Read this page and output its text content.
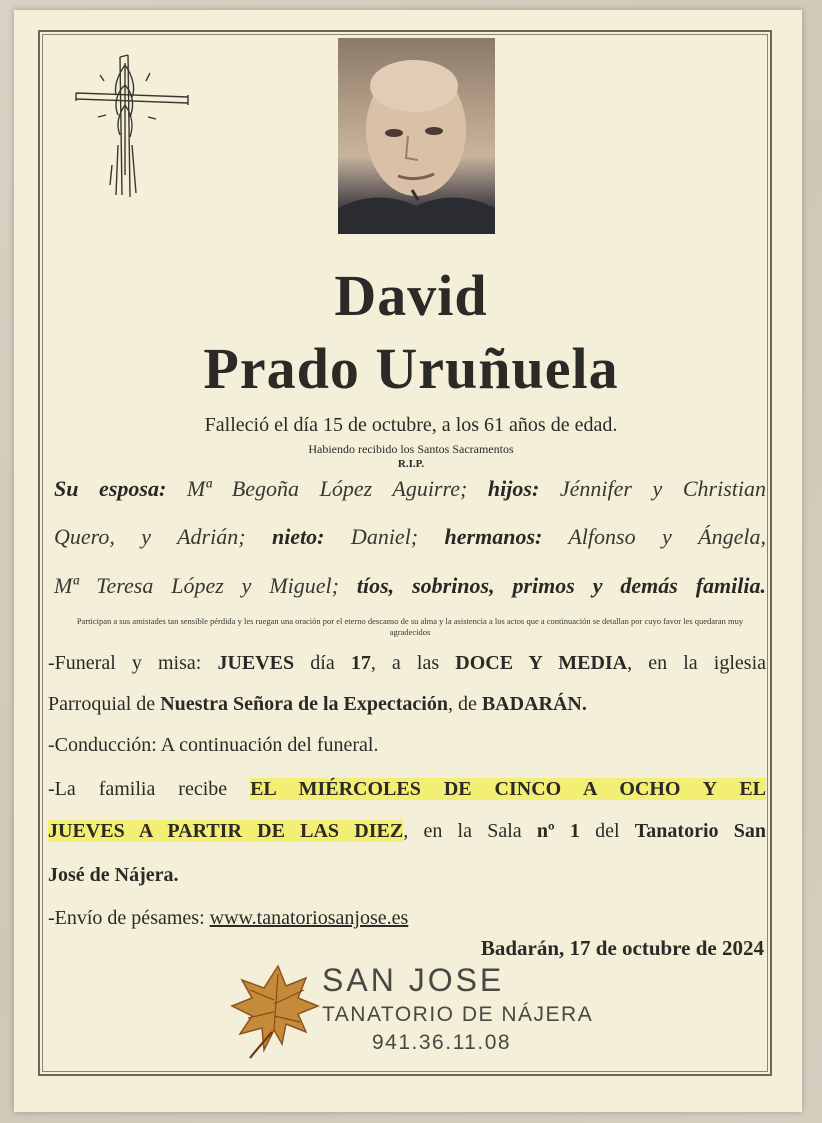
David
Prado Uruñuela
Falleció el día 15 de octubre, a los 61 años de edad.
Habiendo recibido los Santos Sacramentos
R.I.P.
Su esposa: Mª Begoña López Aguirre; hijos: Jénnifer y Christian
Quero, y Adrián; nieto: Daniel; hermanos: Alfonso y Ángela,
Mª Teresa López y Miguel; tíos, sobrinos, primos y demás familia.
Participan a sus amistades tan sensible pérdida y les ruegan una oración por el eterno descanso de su alma y la asistencia a los actos que a continuación se detallan por cuyo favor les quedaran muy agradecidos
-Funeral y misa: JUEVES día 17, a las DOCE Y MEDIA, en la iglesia
Parroquial de Nuestra Señora de la Expectación, de BADARÁN.
-Conducción: A continuación del funeral.
-La familia recibe EL MIÉRCOLES DE CINCO A OCHO Y EL
JUEVES A PARTIR DE LAS DIEZ, en la Sala nº 1 del Tanatorio San
José de Nájera.
-Envío de pésames: www.tanatoriosanjose.es
Badarán, 17 de octubre de 2024
SAN JOSE
TANATORIO DE NÁJERA
941.36.11.08
